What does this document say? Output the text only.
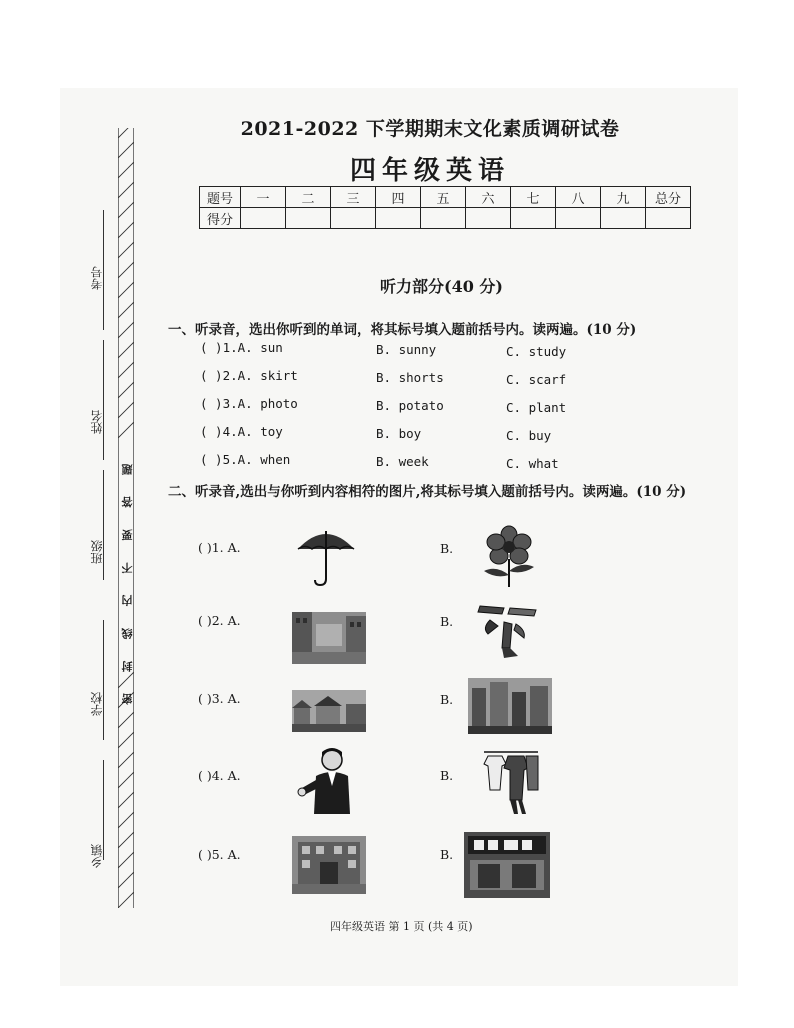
密 封 线 内 不 要 答 题
考号
姓名
班级
学校
乡镇
2021-2022 下学期期末文化素质调研试卷
四年级英语
题号	一	二	三	四	五	六	七	八	九	总分
得分										
听力部分(40 分)
一、听录音，选出你听到的单词，将其标号填入题前括号内。读两遍。(10 分)
( )1.A. sun	B. sunny	C. study
( )2.A. skirt	B. shorts	C. scarf
( )3.A. photo	B. potato	C. plant
( )4.A. toy	B. boy	C. buy
( )5.A. when	B. week	C. what
二、听录音,选出与你听到内容相符的图片,将其标号填入题前括号内。读两遍。(10 分)
( )1. A.	B.
( )2. A.	B.
( )3. A.	B.
( )4. A.	B.
( )5. A.	B.
四年级英语 第 1 页 (共 4 页)
